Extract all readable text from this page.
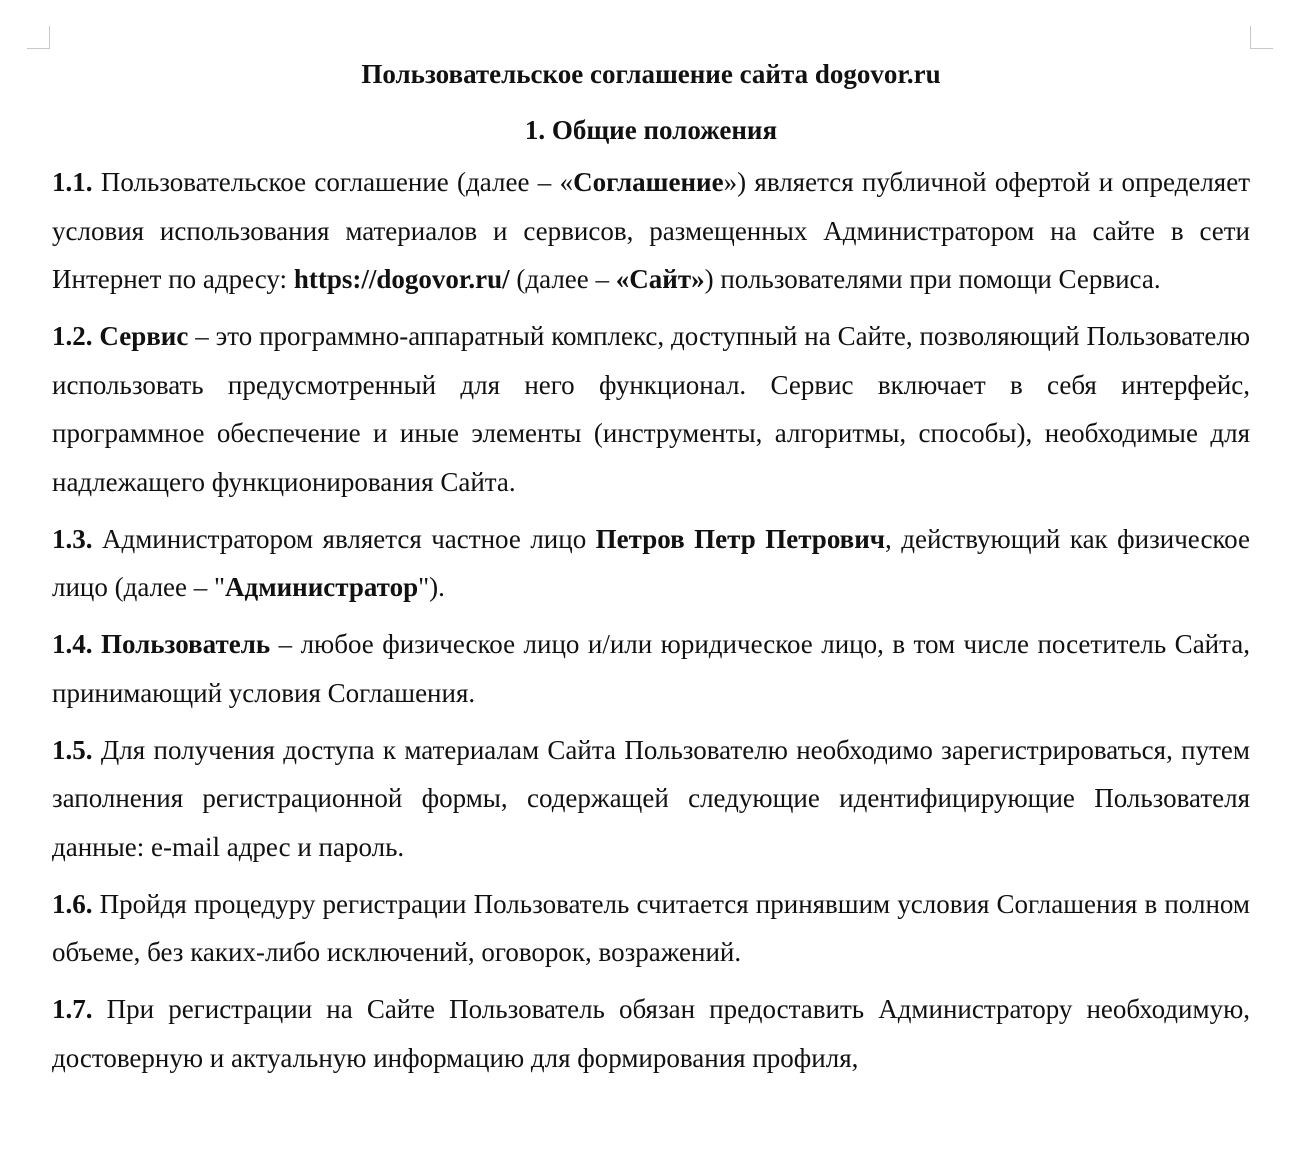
Пользовательское соглашение сайта dogovor.ru

1. Общие положения

1.1. Пользовательское соглашение (далее – «Соглашение») является публичной офертой и определяет условия использования материалов и сервисов, размещенных Администратором на сайте в сети Интернет по адресу: https://dogovor.ru/ (далее – «Сайт») пользователями при помощи Сервиса.

1.2. Сервис – это программно-аппаратный комплекс, доступный на Сайте, позволяющий Пользователю использовать предусмотренный для него функционал. Сервис включает в себя интерфейс, программное обеспечение и иные элементы (инструменты, алгоритмы, способы), необходимые для надлежащего функционирования Сайта.

1.3. Администратором является частное лицо Петров Петр Петрович, действующий как физическое лицо (далее – "Администратор").

1.4. Пользователь – любое физическое лицо и/или юридическое лицо, в том числе посетитель Сайта, принимающий условия Соглашения.

1.5. Для получения доступа к материалам Сайта Пользователю необходимо зарегистрироваться, путем заполнения регистрационной формы, содержащей следующие идентифицирующие Пользователя данные: e-mail адрес и пароль.

1.6. Пройдя процедуру регистрации Пользователь считается принявшим условия Соглашения в полном объеме, без каких-либо исключений, оговорок, возражений.

1.7. При регистрации на Сайте Пользователь обязан предоставить Администратору необходимую, достоверную и актуальную информацию для формирования профиля,
